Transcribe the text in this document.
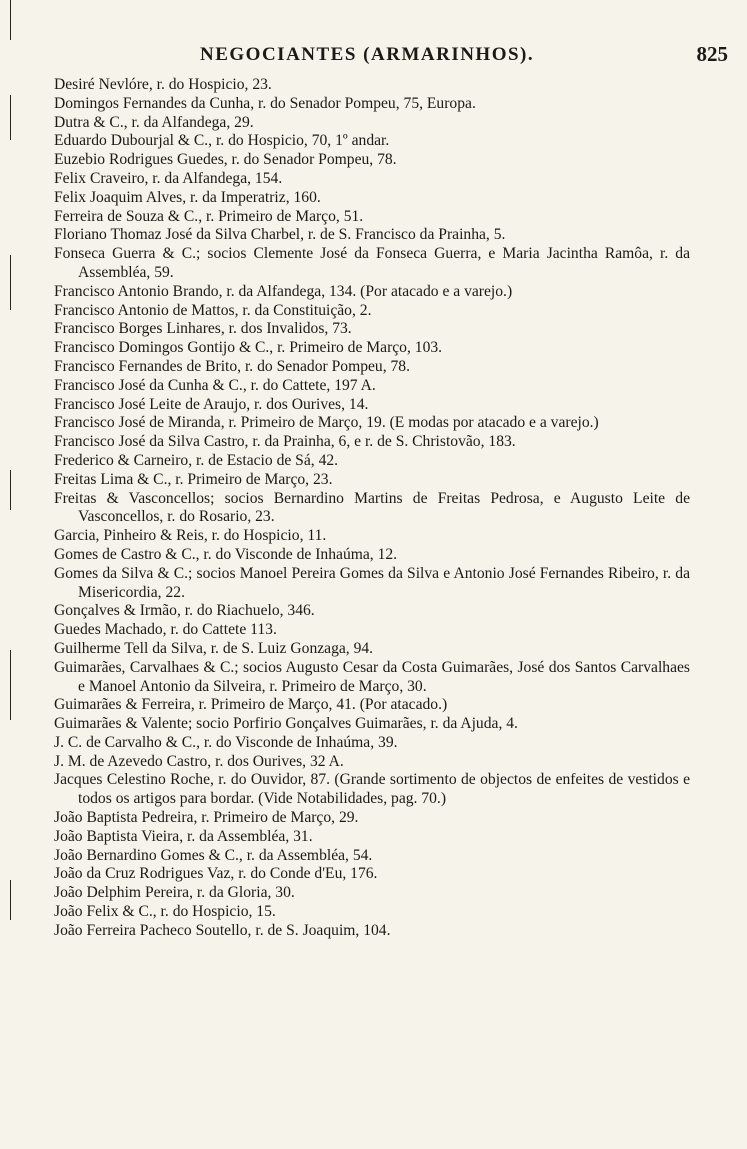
NEGOCIANTES (ARMARINHOS).	825
Desiré Nevlóre, r. do Hospicio, 23.
Domingos Fernandes da Cunha, r. do Senador Pompeu, 75, Europa.
Dutra & C., r. da Alfandega, 29.
Eduardo Dubourjal & C., r. do Hospicio, 70, 1º andar.
Euzebio Rodrigues Guedes, r. do Senador Pompeu, 78.
Felix Craveiro, r. da Alfandega, 154.
Felix Joaquim Alves, r. da Imperatriz, 160.
Ferreira de Souza & C., r. Primeiro de Março, 51.
Floriano Thomaz José da Silva Charbel, r. de S. Francisco da Prainha, 5.
Fonseca Guerra & C.; socios Clemente José da Fonseca Guerra, e Maria Jacintha Ramôa, r. da Assembléa, 59.
Francisco Antonio Brando, r. da Alfandega, 134. (Por atacado e a varejo.)
Francisco Antonio de Mattos, r. da Constituição, 2.
Francisco Borges Linhares, r. dos Invalidos, 73.
Francisco Domingos Gontijo & C., r. Primeiro de Março, 103.
Francisco Fernandes de Brito, r. do Senador Pompeu, 78.
Francisco José da Cunha & C., r. do Cattete, 197 A.
Francisco José Leite de Araujo, r. dos Ourives, 14.
Francisco José de Miranda, r. Primeiro de Março, 19. (E modas por atacado e a varejo.)
Francisco José da Silva Castro, r. da Prainha, 6, e r. de S. Christovão, 183.
Frederico & Carneiro, r. de Estacio de Sá, 42.
Freitas Lima & C., r. Primeiro de Março, 23.
Freitas & Vasconcellos; socios Bernardino Martins de Freitas Pedrosa, e Augusto Leite de Vasconcellos, r. do Rosario, 23.
Garcia, Pinheiro & Reis, r. do Hospicio, 11.
Gomes de Castro & C., r. do Visconde de Inhaúma, 12.
Gomes da Silva & C.; socios Manoel Pereira Gomes da Silva e Antonio José Fernandes Ribeiro, r. da Misericordia, 22.
Gonçalves & Irmão, r. do Riachuelo, 346.
Guedes Machado, r. do Cattete 113.
Guilherme Tell da Silva, r. de S. Luiz Gonzaga, 94.
Guimarães, Carvalhaes & C.; socios Augusto Cesar da Costa Guimarães, José dos Santos Carvalhaes e Manoel Antonio da Silveira, r. Primeiro de Março, 30.
Guimarães & Ferreira, r. Primeiro de Março, 41. (Por atacado.)
Guimarães & Valente; socio Porfirio Gonçalves Guimarães, r. da Ajuda, 4.
J. C. de Carvalho & C., r. do Visconde de Inhaúma, 39.
J. M. de Azevedo Castro, r. dos Ourives, 32 A.
Jacques Celestino Roche, r. do Ouvidor, 87. (Grande sortimento de objectos de enfeites de vestidos e todos os artigos para bordar. (Vide Notabilidades, pag. 70.)
João Baptista Pedreira, r. Primeiro de Março, 29.
João Baptista Vieira, r. da Assembléa, 31.
João Bernardino Gomes & C., r. da Assembléa, 54.
João da Cruz Rodrigues Vaz, r. do Conde d'Eu, 176.
João Delphim Pereira, r. da Gloria, 30.
João Felix & C., r. do Hospicio, 15.
João Ferreira Pacheco Soutello, r. de S. Joaquim, 104.
